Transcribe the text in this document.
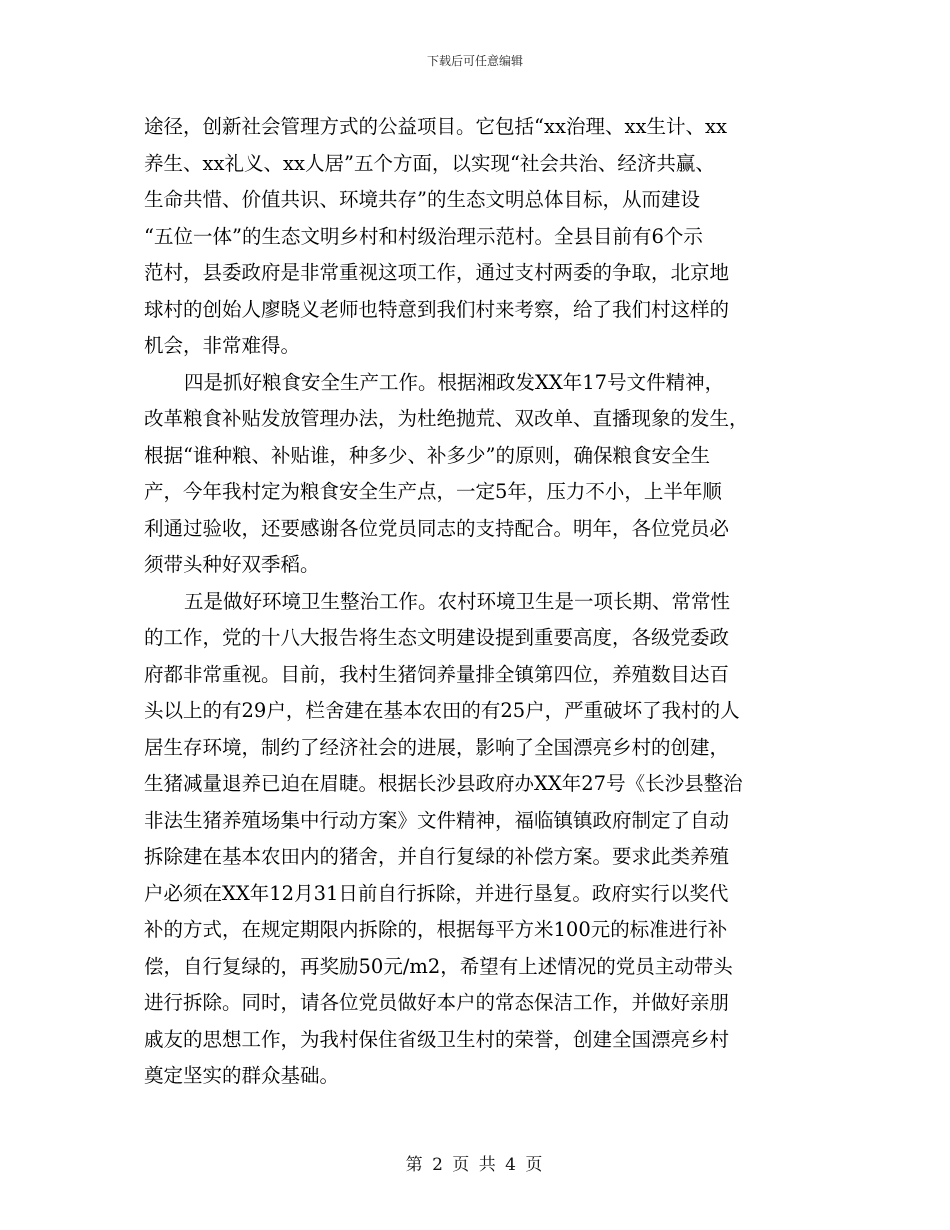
下载后可任意编辑
途径，创新社会管理方式的公益项目。它包括“xx治理、xx生计、xx
养生、xx礼义、xx人居”五个方面，以实现“社会共治、经济共赢、
生命共惜、价值共识、环境共存”的生态文明总体目标，从而建设
“五位一体”的生态文明乡村和村级治理示范村。全县目前有6个示
范村，县委政府是非常重视这项工作，通过支村两委的争取，北京地
球村的创始人廖晓义老师也特意到我们村来考察，给了我们村这样的
机会，非常难得。
四是抓好粮食安全生产工作。根据湘政发XX年17号文件精神，
改革粮食补贴发放管理办法，为杜绝抛荒、双改单、直播现象的发生，
根据“谁种粮、补贴谁，种多少、补多少”的原则，确保粮食安全生
产，今年我村定为粮食安全生产点，一定5年，压力不小，上半年顺
利通过验收，还要感谢各位党员同志的支持配合。明年，各位党员必
须带头种好双季稻。
五是做好环境卫生整治工作。农村环境卫生是一项长期、常常性
的工作，党的十八大报告将生态文明建设提到重要高度，各级党委政
府都非常重视。目前，我村生猪饲养量排全镇第四位，养殖数目达百
头以上的有29户，栏舍建在基本农田的有25户，严重破坏了我村的人
居生存环境，制约了经济社会的进展，影响了全国漂亮乡村的创建，
生猪减量退养已迫在眉睫。根据长沙县政府办XX年27号《长沙县整治
非法生猪养殖场集中行动方案》文件精神，福临镇镇政府制定了自动
拆除建在基本农田内的猪舍，并自行复绿的补偿方案。要求此类养殖
户必须在XX年12月31日前自行拆除，并进行垦复。政府实行以奖代
补的方式，在规定期限内拆除的，根据每平方米100元的标准进行补
偿，自行复绿的，再奖励50元/m2，希望有上述情况的党员主动带头
进行拆除。同时，请各位党员做好本户的常态保洁工作，并做好亲朋
戚友的思想工作，为我村保住省级卫生村的荣誉，创建全国漂亮乡村
奠定坚实的群众基础。
第 2 页 共 4 页
